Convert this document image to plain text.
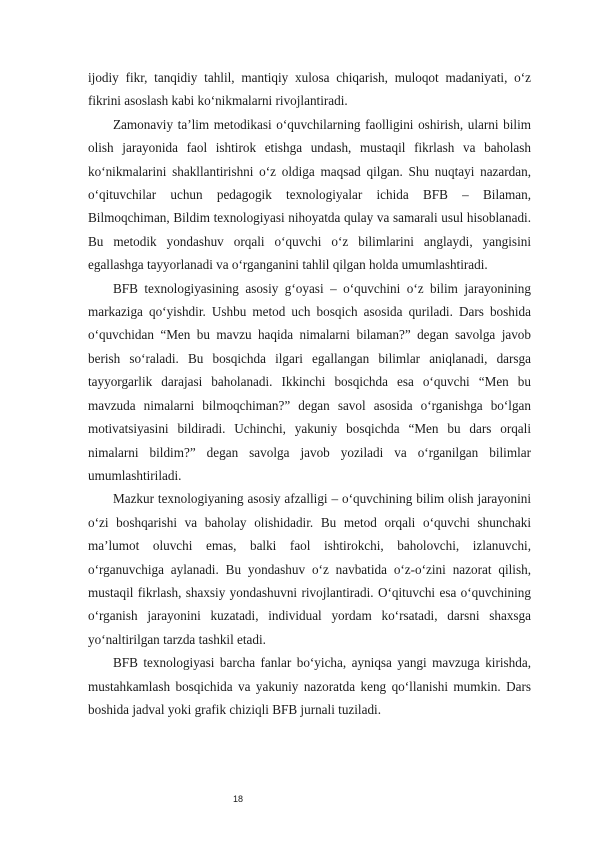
ijodiy fikr, tanqidiy tahlil, mantiqiy xulosa chiqarish, muloqot madaniyati, o‘z fikrini asoslash kabi ko‘nikmalarni rivojlantiradi.

Zamonaviy ta’lim metodikasi o‘quvchilarning faolligini oshirish, ularni bilim olish jarayonida faol ishtirok etishga undash, mustaqil fikrlash va baholash ko‘nikmalarini shakllantirishni o‘z oldiga maqsad qilgan. Shu nuqtayi nazardan, o‘qituvchilar uchun pedagogik texnologiyalar ichida BFB – Bilaman, Bilmoqchiman, Bildim texnologiyasi nihoyatda qulay va samarali usul hisoblanadi. Bu metodik yondashuv orqali o‘quvchi o‘z bilimlarini anglaydi, yangisini egallashga tayyorlanadi va o‘rganganini tahlil qilgan holda umumlashtiradi.

BFB texnologiyasining asosiy g‘oyasi – o‘quvchini o‘z bilim jarayonining markaziga qo‘yishdir. Ushbu metod uch bosqich asosida quriladi. Dars boshida o‘quvchidan “Men bu mavzu haqida nimalarni bilaman?” degan savolga javob berish so‘raladi. Bu bosqichda ilgari egallangan bilimlar aniqlanadi, darsga tayyorgarlik darajasi baholanadi. Ikkinchi bosqichda esa o‘quvchi “Men bu mavzuda nimalarni bilmoqchiman?” degan savol asosida o‘rganishga bo‘lgan motivatsiyasini bildiradi. Uchinchi, yakuniy bosqichda “Men bu dars orqali nimalarni bildim?” degan savolga javob yoziladi va o‘rganilgan bilimlar umumlashtiriladi.

Mazkur texnologiyaning asosiy afzalligi – o‘quvchining bilim olish jarayonini o‘zi boshqarishi va baholay olishidadir. Bu metod orqali o‘quvchi shunchaki ma’lumot oluvchi emas, balki faol ishtirokchi, baholovchi, izlanuvchi, o‘rganuvchiga aylanadi. Bu yondashuv o‘z navbatida o‘z-o‘zini nazorat qilish, mustaqil fikrlash, shaxsiy yondashuvni rivojlantiradi. O‘qituvchi esa o‘quvchining o‘rganish jarayonini kuzatadi, individual yordam ko‘rsatadi, darsni shaxsga yo‘naltirilgan tarzda tashkil etadi.

BFB texnologiyasi barcha fanlar bo‘yicha, ayniqsa yangi mavzuga kirishda, mustahkamlash bosqichida va yakuniy nazoratda keng qo‘llanishi mumkin. Dars boshida jadval yoki grafik chiziqli BFB jurnali tuziladi.

18
